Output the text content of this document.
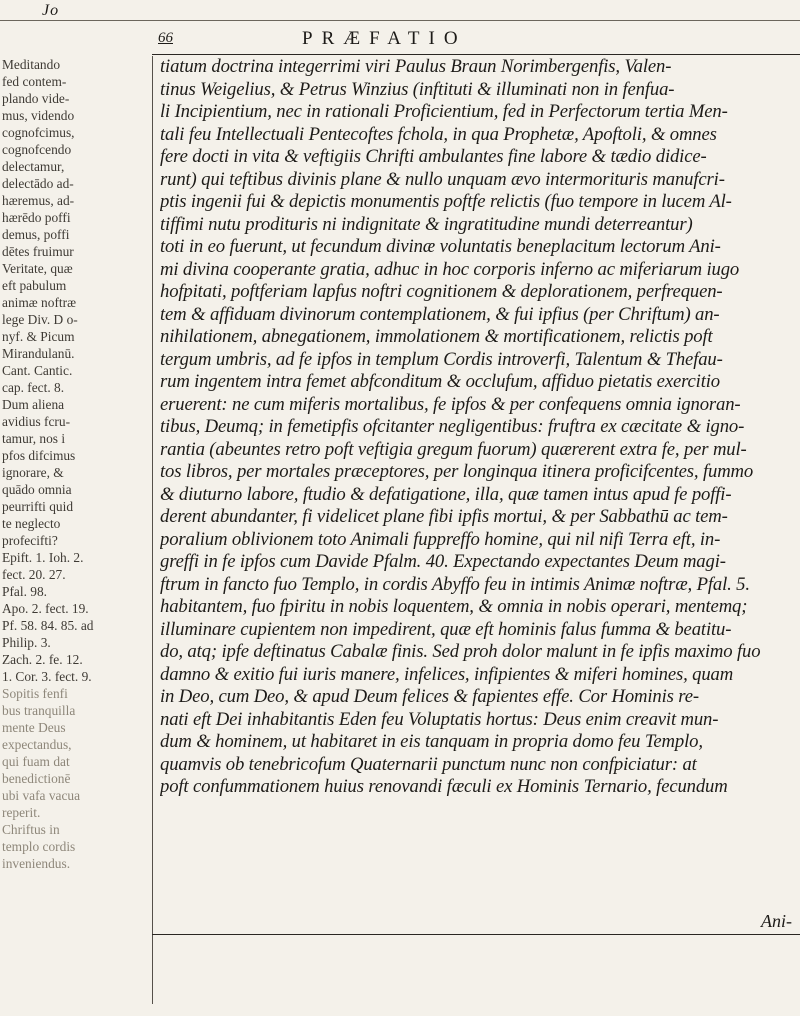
Jo
66	PRÆFATIO

Meditando

fed contem-

plando vide-

mus, videndo

cognofcimus,

cognofcendo

delectamur,

delectādo ad-

hæremus, ad-

hærēdo poffi

demus, poffi

dētes fruimur

Veritate, quæ

eft pabulum

animæ noftræ

lege Div. D o-

nyf. & Picum

Mirandulanū.

Cant. Cantic.

cap. fect. 8.

Dum aliena

avidius fcru-

tamur, nos i

pfos difcimus

ignorare, &

quādo omnia

peurrifti quid

te neglecto

profecifti?

Epift. 1. Ioh. 2.

fect. 20. 27.

Pfal. 98.

Apo. 2. fect. 19.

Pf. 58. 84. 85. ad

Philip. 3.

Zach. 2. fe. 12.

1. Cor. 3. fect. 9.

Sopitis fenfi

bus tranquilla

mente Deus

expectandus,

qui fuam dat

benedictionē

ubi vafa vacua

reperit.

Chriftus in

templo cordis

inveniendus.

tiatum doctrina integerrimi viri Paulus Braun Norimbergenfis, Valen-
tinus Weigelius, & Petrus Winzius (inftituti & illuminati non in fenfua-
li Incipientium, nec in rationali Proficientium, fed in Perfectorum tertia Men-
tali feu Intellectuali Pentecoftes fchola, in qua Prophetæ, Apoftoli, & omnes
fere docti in vita & veftigiis Chrifti ambulantes fine labore & tædio didice-
runt) qui teftibus divinis plane & nullo unquam ævo intermorituris manufcri-
ptis ingenii fui & depictis monumentis poftfe relictis (fuo tempore in lucem Al-
tiffimi nutu prodituris ni indignitate & ingratitudine mundi deterreantur)
toti in eo fuerunt, ut fecundum divinæ voluntatis beneplacitum lectorum Ani-
mi divina cooperante gratia, adhuc in hoc corporis inferno ac miferiarum iugo
hofpitati, poftferiam lapfus noftri cognitionem & deplorationem, perfrequen-
tem & affiduam divinorum contemplationem, & fui ipfius (per Chriftum) an-
nihilationem, abnegationem, immolationem & mortificationem, relictis poft
tergum umbris, ad fe ipfos in templum Cordis introverfi, Talentum & Thefau-
rum ingentem intra femet abfconditum & occlufum, affiduo pietatis exercitio
eruerent: ne cum miferis mortalibus, fe ipfos & per confequens omnia ignoran-
tibus, Deumq; in femetipfis ofcitanter negligentibus: fruftra ex cæcitate & igno-
rantia (abeuntes retro poft veftigia gregum fuorum) quærerent extra fe, per mul-
tos libros, per mortales præceptores, per longinqua itinera proficifcentes, fummo
& diuturno labore, ftudio & defatigatione, illa, quæ tamen intus apud fe poffi-
derent abundanter, fi videlicet plane fibi ipfis mortui, & per Sabbathū ac tem-
poralium oblivionem toto Animali fuppreffo homine, qui nil nifi Terra eft, in-
greffi in fe ipfos cum Davide Pfalm. 40. Expectando expectantes Deum magi-
ftrum in fancto fuo Templo, in cordis Abyffo feu in intimis Animæ noftræ, Pfal. 5.
habitantem, fuo fpiritu in nobis loquentem, & omnia in nobis operari, mentemq;
illuminare cupientem non impedirent, quæ eft hominis falus fumma & beatitu-
do, atq; ipfe deftinatus Cabalæ finis. Sed proh dolor malunt in fe ipfis maximo fuo
damno & exitio fui iuris manere, infelices, infipientes & miferi homines, quam
in Deo, cum Deo, & apud Deum felices & fapientes effe. Cor Hominis re-
nati eft Dei inhabitantis Eden feu Voluptatis hortus: Deus enim creavit mun-
dum & hominem, ut habitaret in eis tanquam in propria domo feu Templo,
quamvis ob tenebricofum Quaternarii punctum nunc non confpiciatur: at
poft confummationem huius renovandi fæculi ex Hominis Ternario, fecundum
Ani-
